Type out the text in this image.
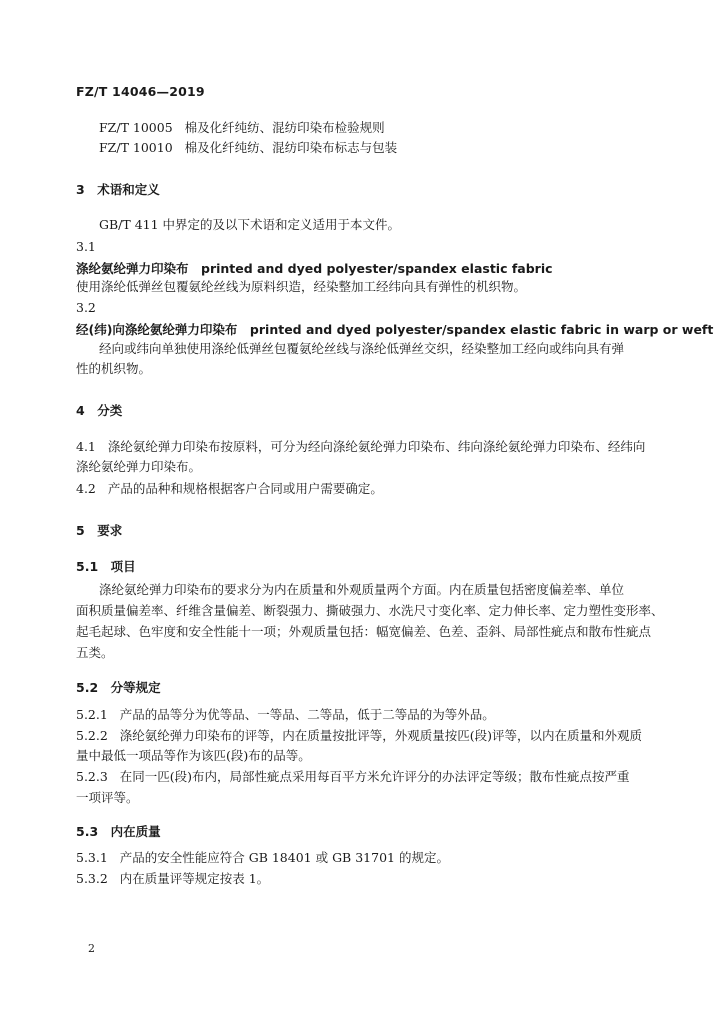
FZ/T 14046—2019
FZ/T 10005 棉及化纤纯纺、混纺印染布检验规则
FZ/T 10010 棉及化纤纯纺、混纺印染布标志与包装
3　术语和定义
GB/T 411 中界定的及以下术语和定义适用于本文件。
3.1
涤纶氨纶弹力印染布　printed and dyed polyester/spandex elastic fabric
使用涤纶低弹丝包覆氨纶丝线为原料织造，经染整加工经纬向具有弹性的机织物。
3.2
经(纬)向涤纶氨纶弹力印染布　printed and dyed polyester/spandex elastic fabric in warp or weft
经向或纬向单独使用涤纶低弹丝包覆氨纶丝线与涤纶低弹丝交织，经染整加工经向或纬向具有弹
性的机织物。
4　分类
4.1 涤纶氨纶弹力印染布按原料，可分为经向涤纶氨纶弹力印染布、纬向涤纶氨纶弹力印染布、经纬向
涤纶氨纶弹力印染布。
4.2 产品的品种和规格根据客户合同或用户需要确定。
5　要求
5.1　项目
涤纶氨纶弹力印染布的要求分为内在质量和外观质量两个方面。内在质量包括密度偏差率、单位
面积质量偏差率、纤维含量偏差、断裂强力、撕破强力、水洗尺寸变化率、定力伸长率、定力塑性变形率、
起毛起球、色牢度和安全性能十一项；外观质量包括：幅宽偏差、色差、歪斜、局部性疵点和散布性疵点
五类。
5.2　分等规定
5.2.1 产品的品等分为优等品、一等品、二等品，低于二等品的为等外品。
5.2.2 涤纶氨纶弹力印染布的评等，内在质量按批评等，外观质量按匹(段)评等，以内在质量和外观质
量中最低一项品等作为该匹(段)布的品等。
5.2.3 在同一匹(段)布内，局部性疵点采用每百平方米允许评分的办法评定等级；散布性疵点按严重
一项评等。
5.3　内在质量
5.3.1 产品的安全性能应符合 GB 18401 或 GB 31701 的规定。
5.3.2 内在质量评等规定按表 1。
2
